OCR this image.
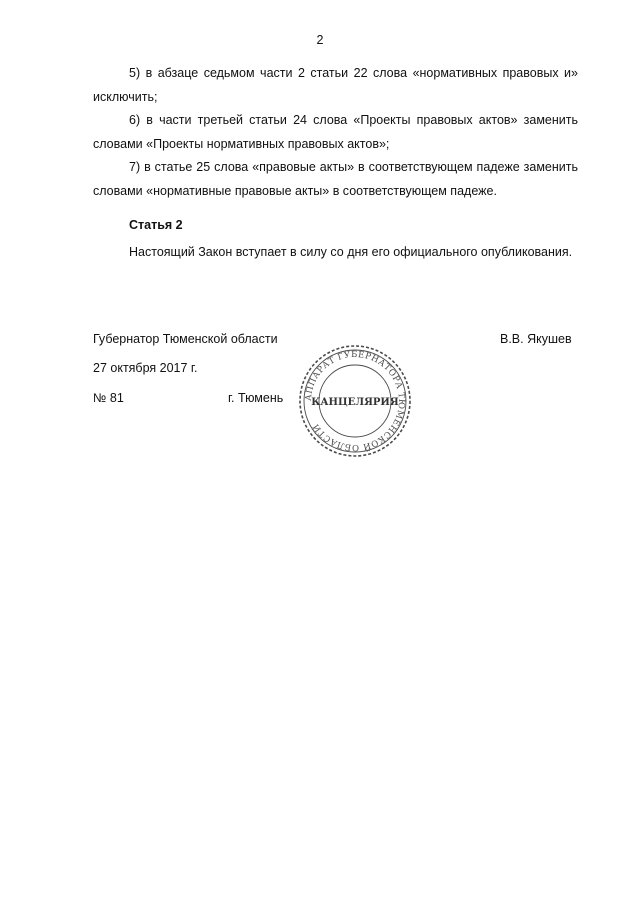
2

5) в абзаце седьмом части 2 статьи 22 слова «нормативных правовых и» исключить;

6) в части третьей статьи 24 слова «Проекты правовых актов» заменить словами «Проекты нормативных правовых актов»;

7) в статье 25 слова «правовые акты» в соответствующем падеже заменить словами «нормативные правовые акты» в соответствующем падеже.

Статья 2

Настоящий Закон вступает в силу со дня его официального опубликования.

Губернатор Тюменской области	В.В. Якушев
27 октября 2017 г.
№ 81	г. Тюмень АППАРАТ ГУБЕРНАТОРА ТЮМЕНСКОЙ ОБЛАСТИ
КАНЦЕЛЯРИЯ
